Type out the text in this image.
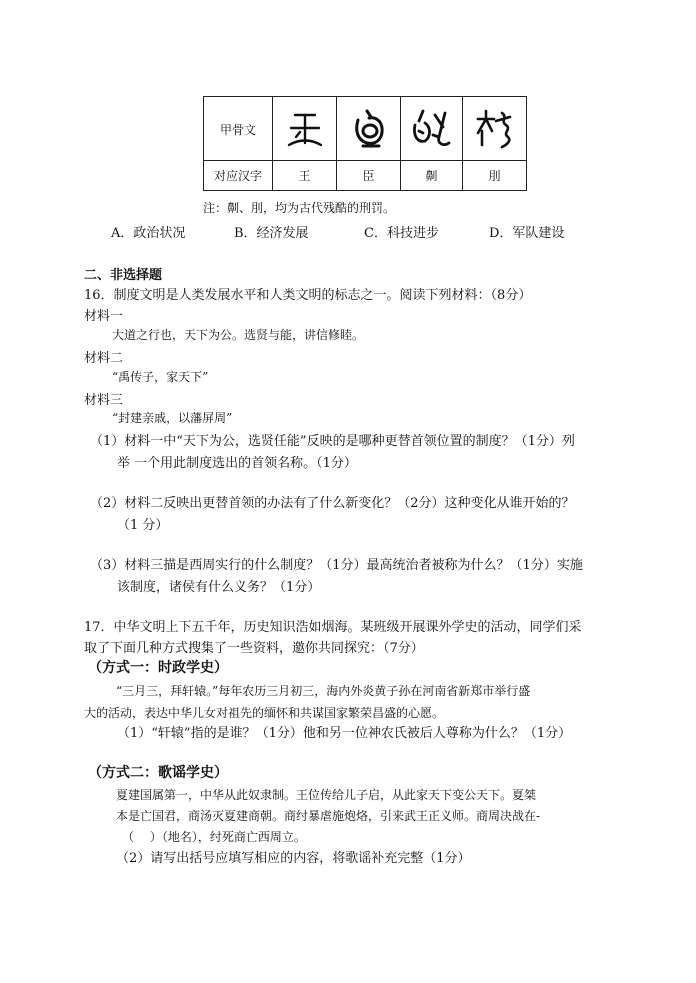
甲骨文	

对应汉字	王	臣	劓	刖
注：劓、刖，均为古代残酷的刑罚。
A．政治状况	B．经济发展	C．科技进步	D．军队建设
二、非选择题
16．制度文明是人类发展水平和人类文明的标志之一。阅读下列材料：（8分）
材料一
大道之行也，天下为公。选贤与能，讲信修睦。
材料二
“禹传子，家天下”
材料三
“封建亲戚，以藩屏周”
（1）材料一中“天下为公，选贤任能”反映的是哪种更替首领位置的制度？（1分）列
举 一个用此制度选出的首领名称。（1分）
（2）材料二反映出更替首领的办法有了什么新变化？（2分）这种变化从谁开始的？
（1 分）
（3）材料三描是西周实行的什么制度？（1分）最高统治者被称为什么？（1分）实施
该制度，诸侯有什么义务？（1分）
17．中华文明上下五千年，历史知识浩如烟海。某班级开展课外学史的活动，同学们采
取了下面几种方式搜集了一些资料，邀你共同探究：（7分）
（方式一：时政学史）
“三月三，拜轩辕。”每年农历三月初三，海内外炎黄子孙在河南省新郑市举行盛
大的活动，表达中华儿女对祖先的缅怀和共谋国家繁荣昌盛的心愿。
（1）“轩辕”指的是谁？（1分）他和另一位神农氏被后人尊称为什么？（1分）
（方式二：歌谣学史）
夏建国属第一，中华从此奴隶制。王位传给儿子启，从此家天下变公天下。夏桀
本是亡国君，商汤灭夏建商朝。商纣暴虐施炮烙，引来武王正义师。商周决战在-
（　 ）（地名），纣死商亡西周立。
（2）请写出括号应填写相应的内容，将歌谣补充完整（1分）
